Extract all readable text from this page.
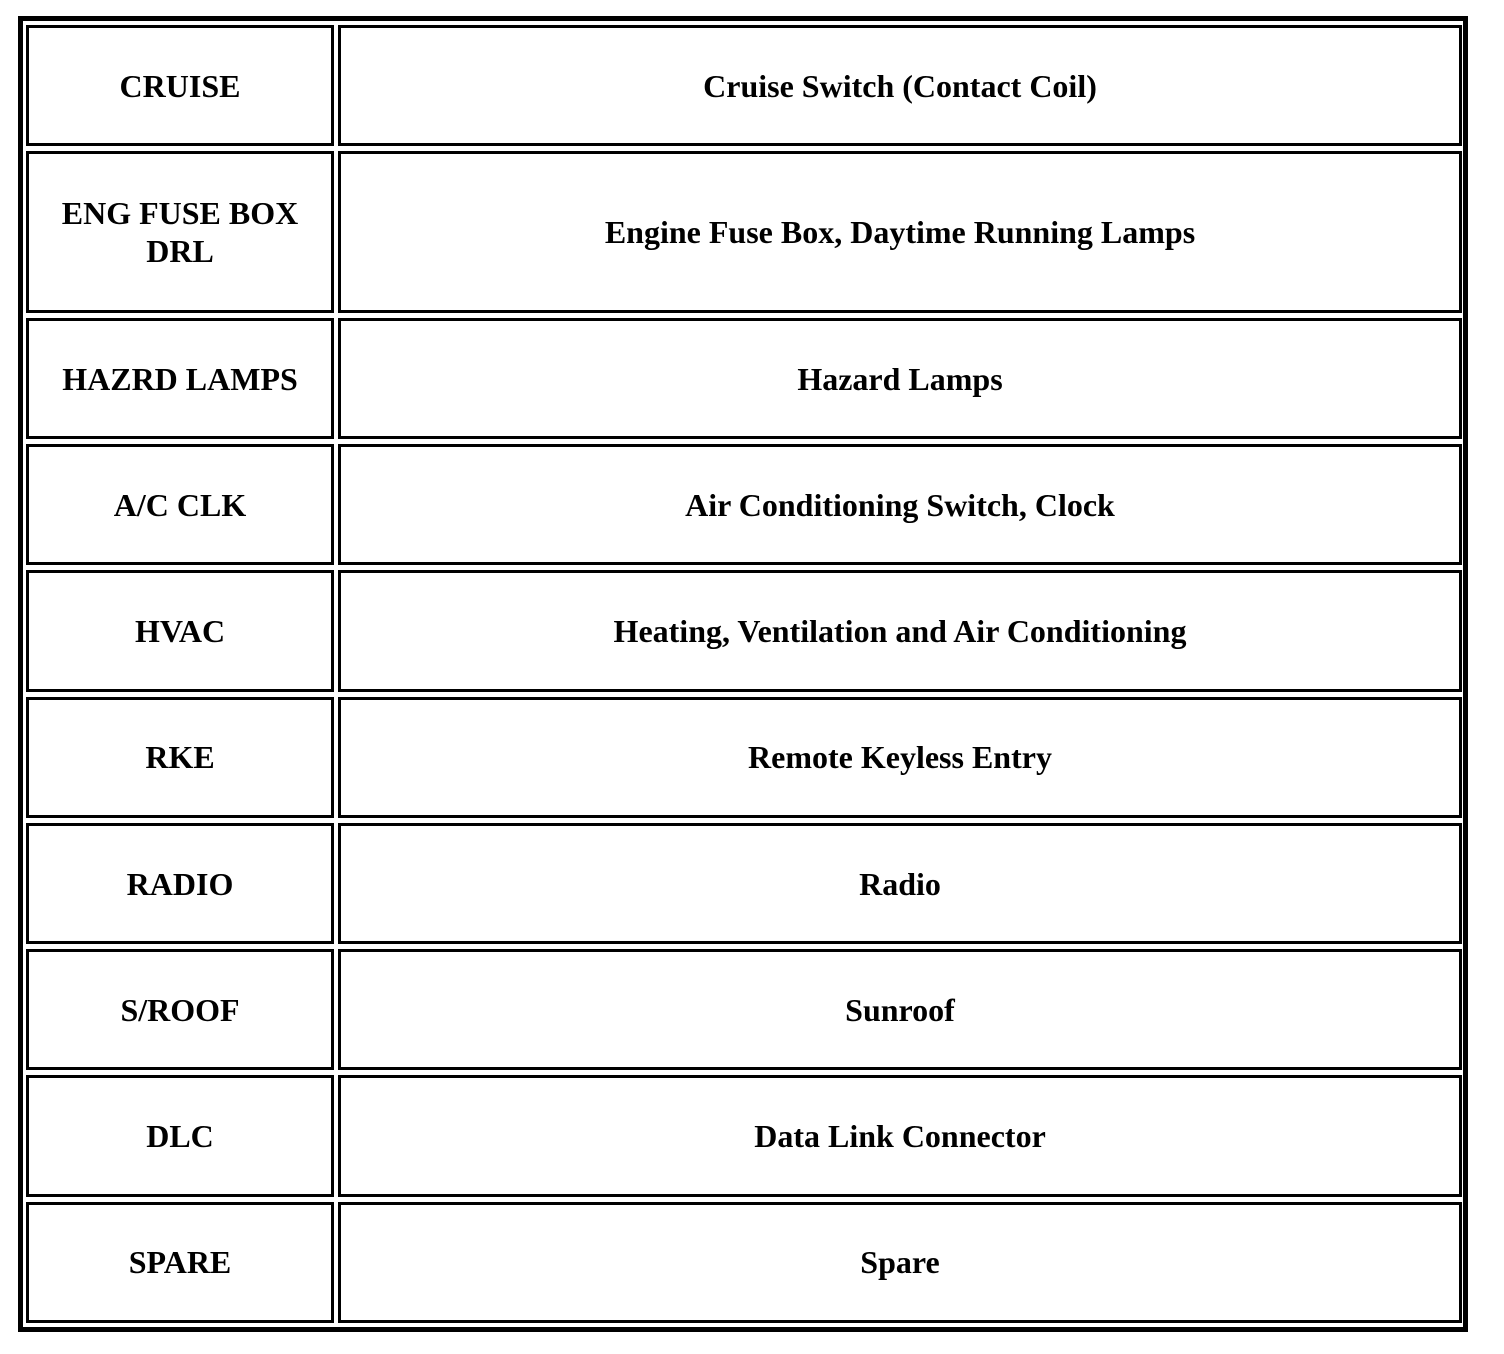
CRUISE	Cruise Switch (Contact Coil)
ENG FUSE BOX DRL	Engine Fuse Box, Daytime Running Lamps
HAZRD LAMPS	Hazard Lamps
A/C CLK	Air Conditioning Switch, Clock
HVAC	Heating, Ventilation and Air Conditioning
RKE	Remote Keyless Entry
RADIO	Radio
S/ROOF	Sunroof
DLC	Data Link Connector
SPARE	Spare
